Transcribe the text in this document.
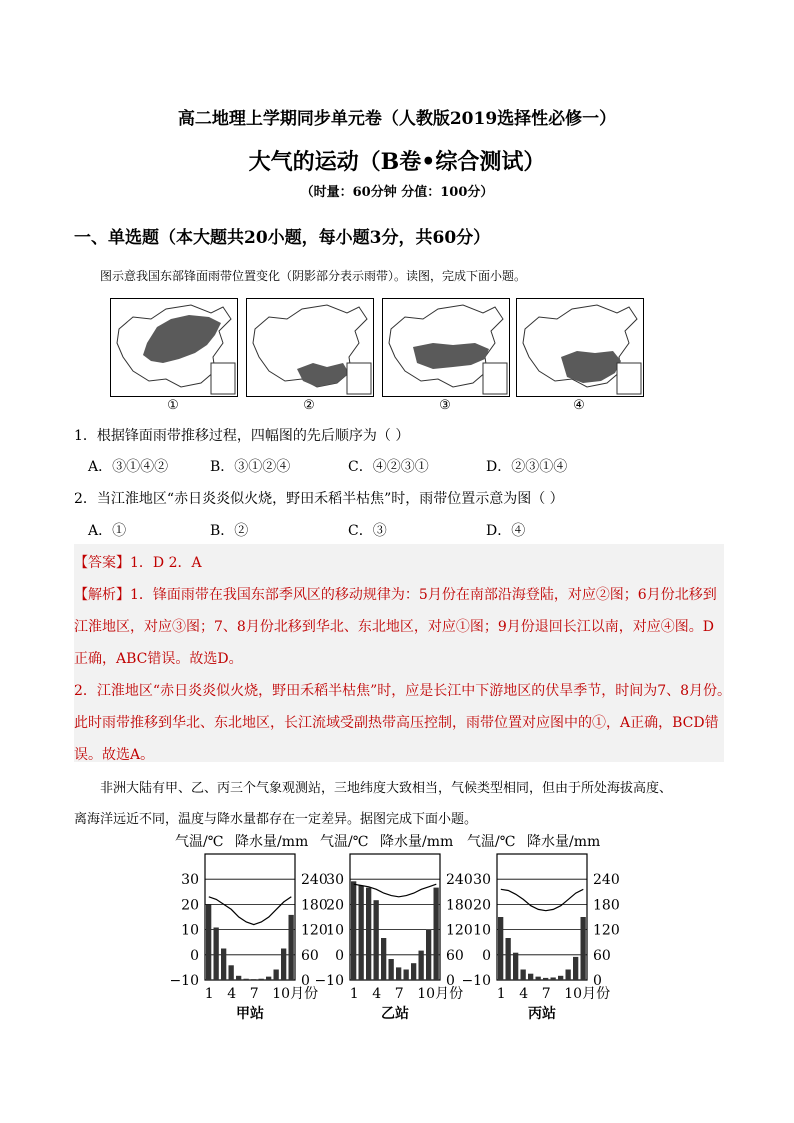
高二地理上学期同步单元卷（人教版2019选择性必修一）
大气的运动（B卷•综合测试）
（时量：60分钟 分值：100分）
一、单选题（本大题共20小题，每小题3分，共60分）
图示意我国东部锋面雨带位置变化（阴影部分表示雨带）。读图，完成下面小题。
①	②	③	④
1．根据锋面雨带推移过程，四幅图的先后顺序为（ ）
A．③①④②	B．③①②④	C．④②③①	D．②③①④
2．当江淮地区“赤日炎炎似火烧，野田禾稻半枯焦”时，雨带位置示意为图（ ）
A．①	B．②	C．③	D．④
【答案】1．D 2．A
【解析】1．锋面雨带在我国东部季风区的移动规律为：5月份在南部沿海登陆，对应②图；6月份北移到
江淮地区，对应③图；7、8月份北移到华北、东北地区，对应①图；9月份退回长江以南，对应④图。D
正确，ABC错误。故选D。
2．江淮地区“赤日炎炎似火烧，野田禾稻半枯焦”时，应是长江中下游地区的伏旱季节，时间为7、8月份。
此时雨带推移到华北、东北地区，长江流域受副热带高压控制，雨带位置对应图中的①，A正确，BCD错
误。故选A。
非洲大陆有甲、乙、丙三个气象观测站，三地纬度大致相当，气候类型相同，但由于所处海拔高度、
离海洋远近不同，温度与降水量都存在一定差异。据图完成下面小题。
气温/℃ 降水量/mm
30
20
10
0
−10
240
180
120
60
0
1 4 7 10月份
甲站
气温/℃ 降水量/mm
30
20
10
0
−10
240
180
120
60
0
1 4 7 10月份
乙站
气温/℃ 降水量/mm
30
20
10
0
−10
240
180
120
60
0
1 4 7 10月份
丙站
